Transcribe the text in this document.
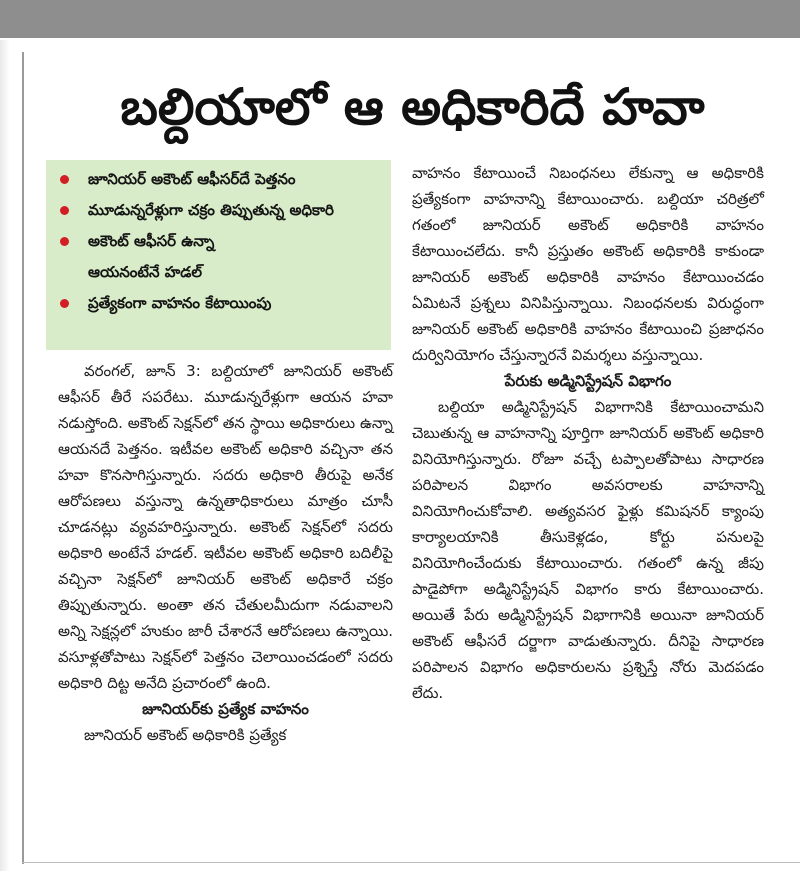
బల్దియాలో ఆ అధికారిదే హవా
జూనియర్ అకౌంట్ ఆఫీసర్‌దే పెత్తనం
మూడున్నరేళ్లుగా చక్రం తిప్పుతున్న అధికారి
అకౌంట్ ఆఫీసర్ ఉన్నా
ఆయనంటేనే హడల్
ప్రత్యేకంగా వాహనం కేటాయింపు

వరంగల్, జూన్ 3: బల్దియాలో జూనియర్ అకౌంట్ ఆఫీసర్ తీరే సపరేటు. మూడున్నరేళ్లుగా ఆయన హవా నడుస్తోంది. అకౌంట్ సెక్షన్‌లో తన స్థాయి అధికారులు ఉన్నా ఆయనదే పెత్తనం. ఇటీవల అకౌంట్ అధికారి వచ్చినా తన హవా కొనసాగిస్తున్నారు. సదరు అధికారి తీరుపై అనేక ఆరోపణలు వస్తున్నా ఉన్నతాధికారులు మాత్రం చూసీ చూడనట్లు వ్యవహరిస్తున్నారు. అకౌంట్ సెక్షన్‌లో సదరు అధికారి అంటేనే హడల్. ఇటీవల అకౌంట్ అధికారి బదిలీపై వచ్చినా సెక్షన్‌లో జూనియర్ అకౌంట్ అధికారే చక్రం తిప్పుతున్నారు. అంతా తన చేతులమీదుగా నడువాలని అన్ని సెక్షన్లలో హుకుం జారీ చేశారనే ఆరోపణలు ఉన్నాయి. వసూళ్లతోపాటు సెక్షన్‌లో పెత్తనం చెలాయించడంలో సదరు అధికారి దిట్ట అనేది ప్రచారంలో ఉంది.

జూనియర్‌కు ప్రత్యేక వాహనం

జూనియర్ అకౌంట్ అధికారికి ప్రత్యేక

వాహనం కేటాయించే నిబంధనలు లేకున్నా ఆ అధికారికి ప్రత్యేకంగా వాహనాన్ని కేటాయించారు. బల్దియా చరిత్రలో గతంలో జూనియర్ అకౌంట్ అధికారికి వాహనం కేటాయించలేదు. కానీ ప్రస్తుతం అకౌంట్ అధికారికి కాకుండా జూనియర్ అకౌంట్ అధికారికి వాహనం కేటాయించడం ఏమిటనే ప్రశ్నలు వినిపిస్తున్నాయి. నిబంధనలకు విరుద్ధంగా జూనియర్ అకౌంట్ అధికారికి వాహనం కేటాయించి ప్రజాధనం దుర్వినియోగం చేస్తున్నారనే విమర్శలు వస్తున్నాయి.

పేరుకు అడ్మినిస్ట్రేషన్ విభాగం

బల్దియా అడ్మినిస్ట్రేషన్ విభాగానికి కేటాయించామని చెబుతున్న ఆ వాహనాన్ని పూర్తిగా జూనియర్ అకౌంట్ అధికారి వినియోగిస్తున్నారు. రోజూ వచ్చే టప్పాలతోపాటు సాధారణ పరిపాలన విభాగం అవసరాలకు వాహనాన్ని వినియోగించుకోవాలి. అత్యవసర ఫైళ్లు కమిషనర్ క్యాంపు కార్యాలయానికి తీసుకెళ్లడం, కోర్టు పనులపై వినియోగించేందుకు కేటాయించారు. గతంలో ఉన్న జీపు పాడైపోగా అడ్మినిస్ట్రేషన్ విభాగం కారు కేటాయించారు. అయితే పేరు అడ్మినిస్ట్రేషన్ విభాగానికి అయినా జూనియర్ అకౌంట్ ఆఫీసరే దర్జాగా వాడుతున్నారు. దీనిపై సాధారణ పరిపాలన విభాగం అధికారులను ప్రశ్నిస్తే నోరు మెదపడం లేదు.
